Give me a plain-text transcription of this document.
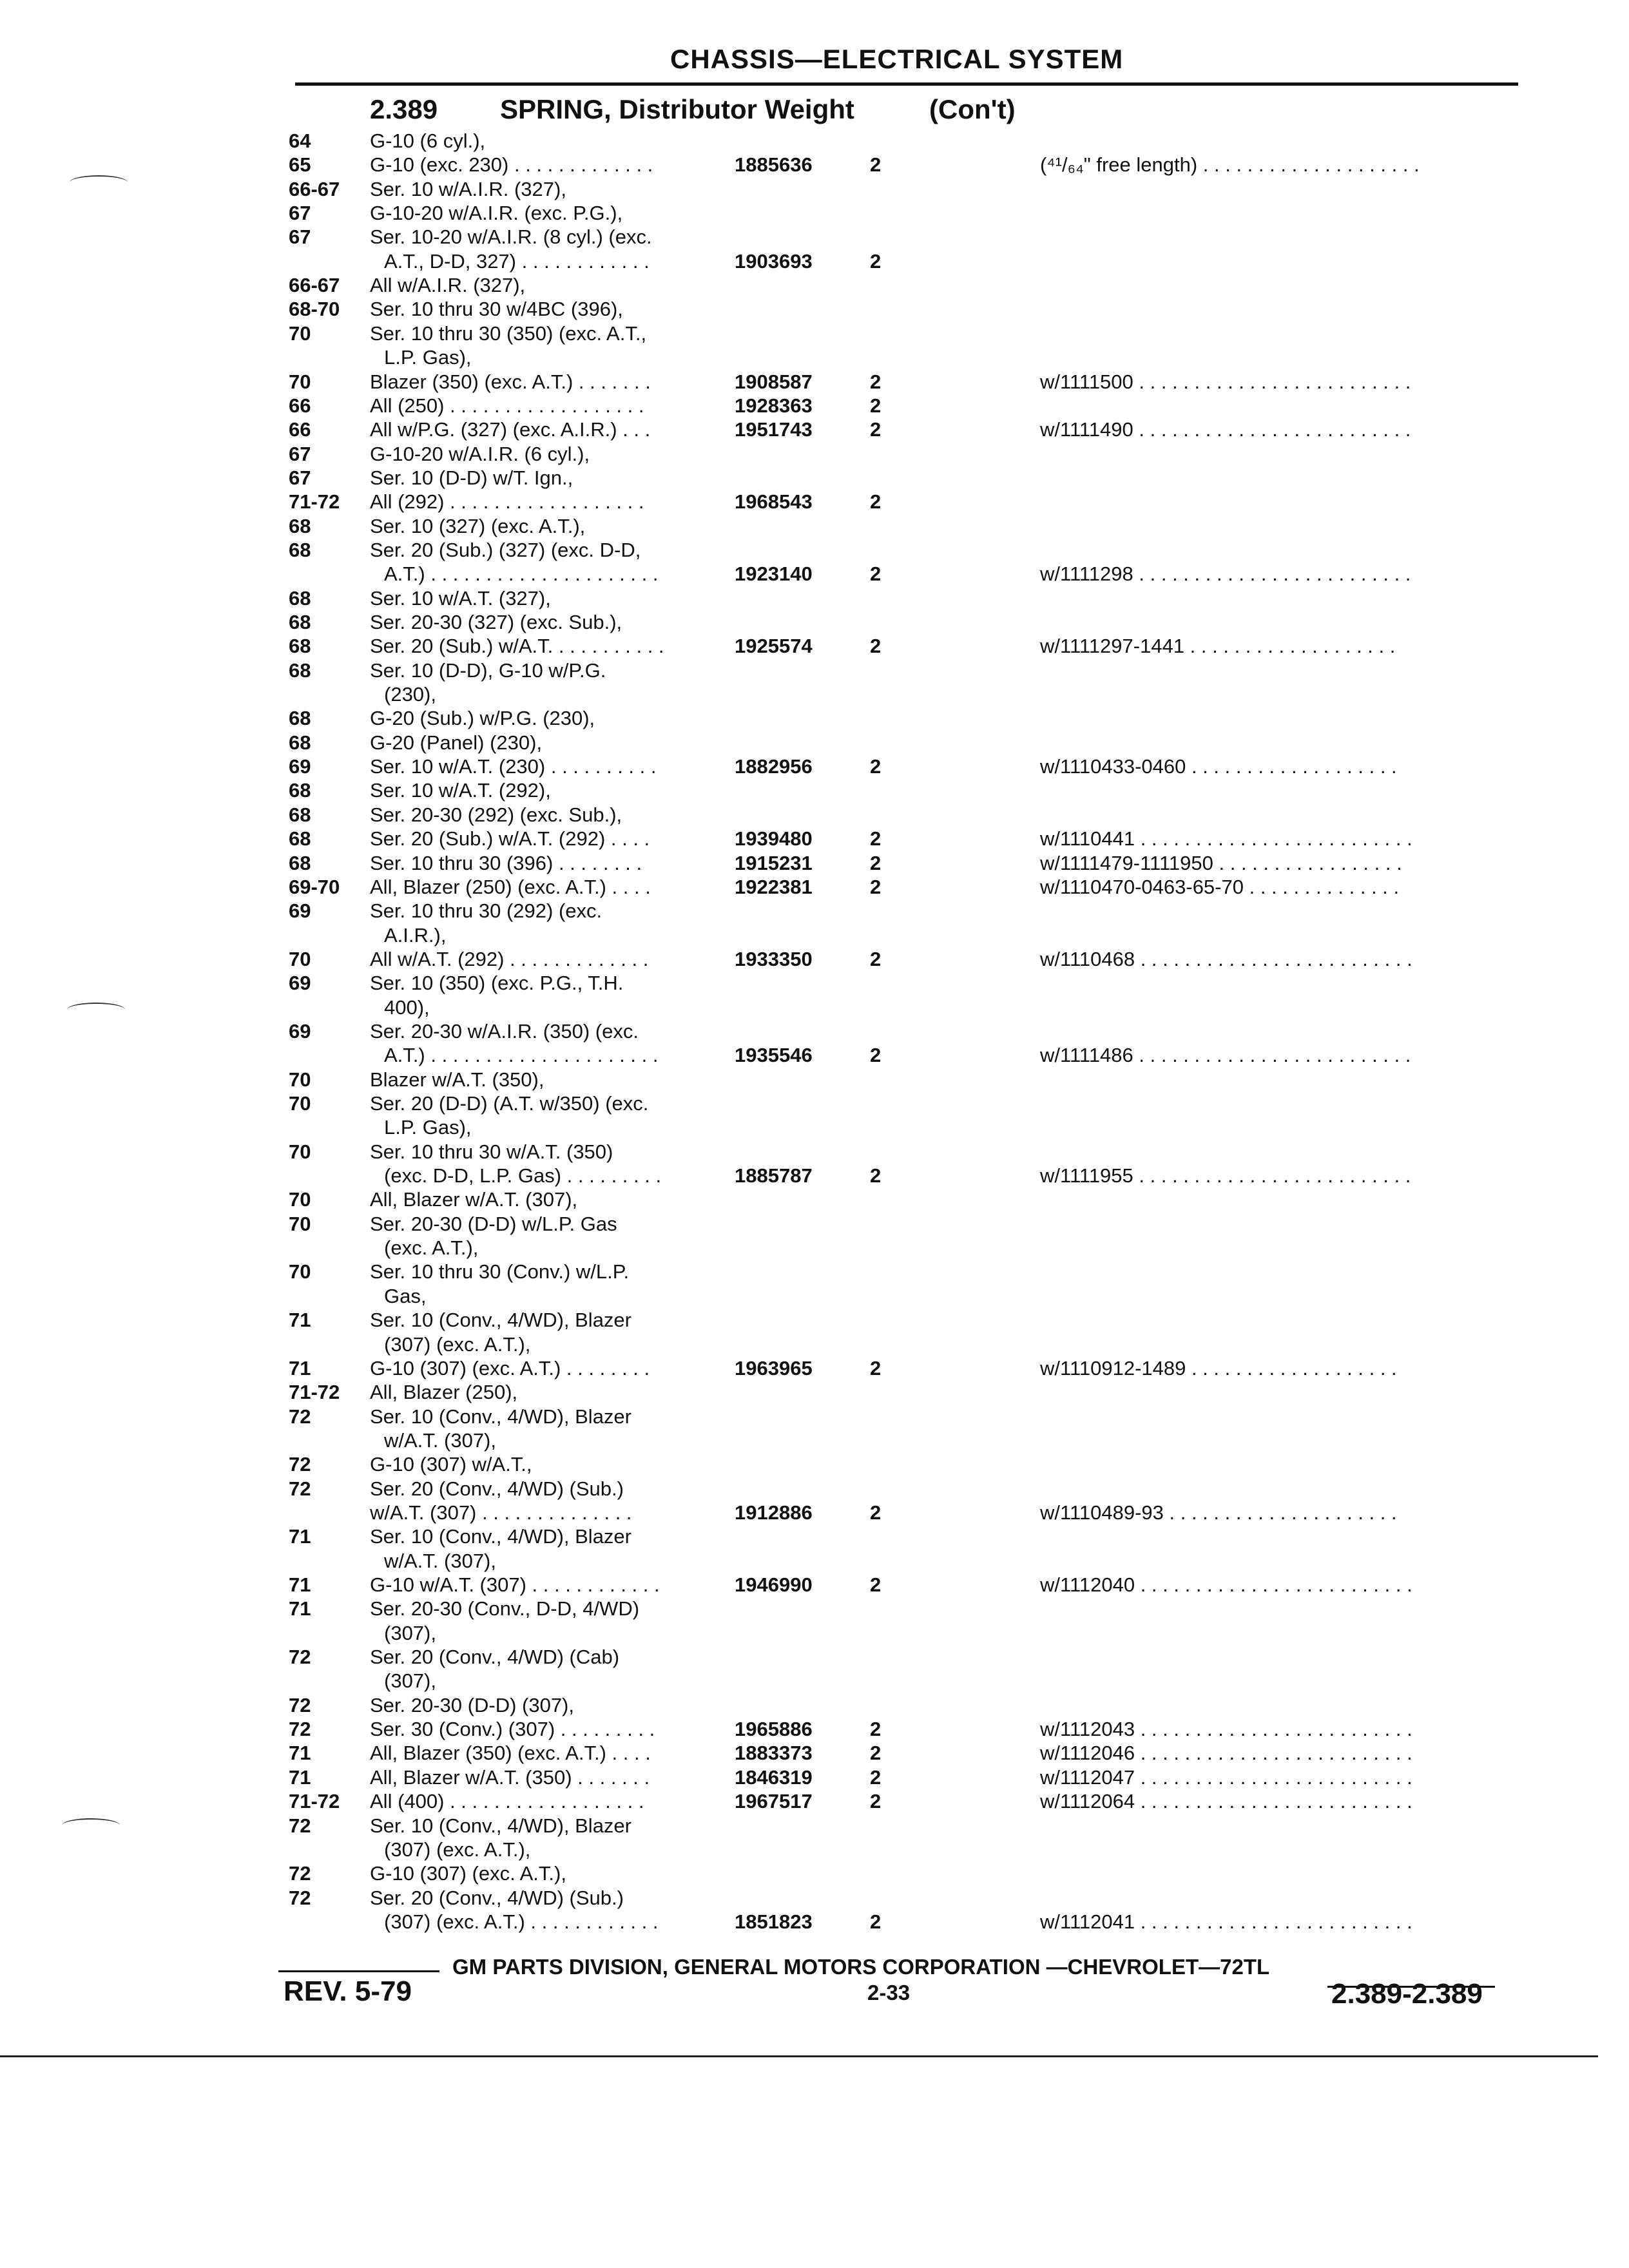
CHASSIS—ELECTRICAL SYSTEM
2.389 SPRING, Distributor Weight	(Con't)
64	G-10 (6 cyl.),
65	G-10 (exc. 230) . . . . . . . . . . . . .	1885636	2	(⁴¹/₆₄" free length) . . . . . . . . . . . . . . . . . . . .
66-67	Ser. 10 w/A.I.R. (327),
67	G-10-20 w/A.I.R. (exc. P.G.),
67	Ser. 10-20 w/A.I.R. (8 cyl.) (exc.
A.T., D-D, 327) . . . . . . . . . . . .	1903693	2
66-67	All w/A.I.R. (327),
68-70	Ser. 10 thru 30 w/4BC (396),
70	Ser. 10 thru 30 (350) (exc. A.T.,
L.P. Gas),
70	Blazer (350) (exc. A.T.) . . . . . . .	1908587	2	w/1111500 . . . . . . . . . . . . . . . . . . . . . . . . .
66	All (250) . . . . . . . . . . . . . . . . . .	1928363	2
66	All w/P.G. (327) (exc. A.I.R.) . . .	1951743	2	w/1111490 . . . . . . . . . . . . . . . . . . . . . . . . .
67	G-10-20 w/A.I.R. (6 cyl.),
67	Ser. 10 (D-D) w/T. Ign.,
71-72	All (292) . . . . . . . . . . . . . . . . . .	1968543	2
68	Ser. 10 (327) (exc. A.T.),
68	Ser. 20 (Sub.) (327) (exc. D-D,
A.T.) . . . . . . . . . . . . . . . . . . . . .	1923140	2	w/1111298 . . . . . . . . . . . . . . . . . . . . . . . . .
68	Ser. 10 w/A.T. (327),
68	Ser. 20-30 (327) (exc. Sub.),
68	Ser. 20 (Sub.) w/A.T. . . . . . . . . . .	1925574	2	w/1111297-1441 . . . . . . . . . . . . . . . . . . .
68	Ser. 10 (D-D), G-10 w/P.G.
(230),
68	G-20 (Sub.) w/P.G. (230),
68	G-20 (Panel) (230),
69	Ser. 10 w/A.T. (230) . . . . . . . . . .	1882956	2	w/1110433-0460 . . . . . . . . . . . . . . . . . . .
68	Ser. 10 w/A.T. (292),
68	Ser. 20-30 (292) (exc. Sub.),
68	Ser. 20 (Sub.) w/A.T. (292) . . . .	1939480	2	w/1110441 . . . . . . . . . . . . . . . . . . . . . . . . .
68	Ser. 10 thru 30 (396) . . . . . . . .	1915231	2	w/1111479-1111950 . . . . . . . . . . . . . . . . .
69-70	All, Blazer (250) (exc. A.T.) . . . .	1922381	2	w/1110470-0463-65-70 . . . . . . . . . . . . . .
69	Ser. 10 thru 30 (292) (exc.
A.I.R.),
70	All w/A.T. (292) . . . . . . . . . . . . .	1933350	2	w/1110468 . . . . . . . . . . . . . . . . . . . . . . . . .
69	Ser. 10 (350) (exc. P.G., T.H.
400),
69	Ser. 20-30 w/A.I.R. (350) (exc.
A.T.) . . . . . . . . . . . . . . . . . . . . .	1935546	2	w/1111486 . . . . . . . . . . . . . . . . . . . . . . . . .
70	Blazer w/A.T. (350),
70	Ser. 20 (D-D) (A.T. w/350) (exc.
L.P. Gas),
70	Ser. 10 thru 30 w/A.T. (350)
(exc. D-D, L.P. Gas) . . . . . . . . .	1885787	2	w/1111955 . . . . . . . . . . . . . . . . . . . . . . . . .
70	All, Blazer w/A.T. (307),
70	Ser. 20-30 (D-D) w/L.P. Gas
(exc. A.T.),
70	Ser. 10 thru 30 (Conv.) w/L.P.
Gas,
71	Ser. 10 (Conv., 4/WD), Blazer
(307) (exc. A.T.),
71	G-10 (307) (exc. A.T.) . . . . . . . .	1963965	2	w/1110912-1489 . . . . . . . . . . . . . . . . . . .
71-72	All, Blazer (250),
72	Ser. 10 (Conv., 4/WD), Blazer
w/A.T. (307),
72	G-10 (307) w/A.T.,
72	Ser. 20 (Conv., 4/WD) (Sub.)
w/A.T. (307) . . . . . . . . . . . . . .	1912886	2	w/1110489-93 . . . . . . . . . . . . . . . . . . . . .
71	Ser. 10 (Conv., 4/WD), Blazer
w/A.T. (307),
71	G-10 w/A.T. (307) . . . . . . . . . . . .	1946990	2	w/1112040 . . . . . . . . . . . . . . . . . . . . . . . . .
71	Ser. 20-30 (Conv., D-D, 4/WD)
(307),
72	Ser. 20 (Conv., 4/WD) (Cab)
(307),
72	Ser. 20-30 (D-D) (307),
72	Ser. 30 (Conv.) (307) . . . . . . . . .	1965886	2	w/1112043 . . . . . . . . . . . . . . . . . . . . . . . . .
71	All, Blazer (350) (exc. A.T.) . . . .	1883373	2	w/1112046 . . . . . . . . . . . . . . . . . . . . . . . . .
71	All, Blazer w/A.T. (350) . . . . . . .	1846319	2	w/1112047 . . . . . . . . . . . . . . . . . . . . . . . . .
71-72	All (400) . . . . . . . . . . . . . . . . . .	1967517	2	w/1112064 . . . . . . . . . . . . . . . . . . . . . . . . .
72	Ser. 10 (Conv., 4/WD), Blazer
(307) (exc. A.T.),
72	G-10 (307) (exc. A.T.),
72	Ser. 20 (Conv., 4/WD) (Sub.)
(307) (exc. A.T.) . . . . . . . . . . . .	1851823	2	w/1112041 . . . . . . . . . . . . . . . . . . . . . . . . .
GM PARTS DIVISION, GENERAL MOTORS CORPORATION —CHEVROLET—72TL
REV. 5-79	2-33	2.389-2.389
